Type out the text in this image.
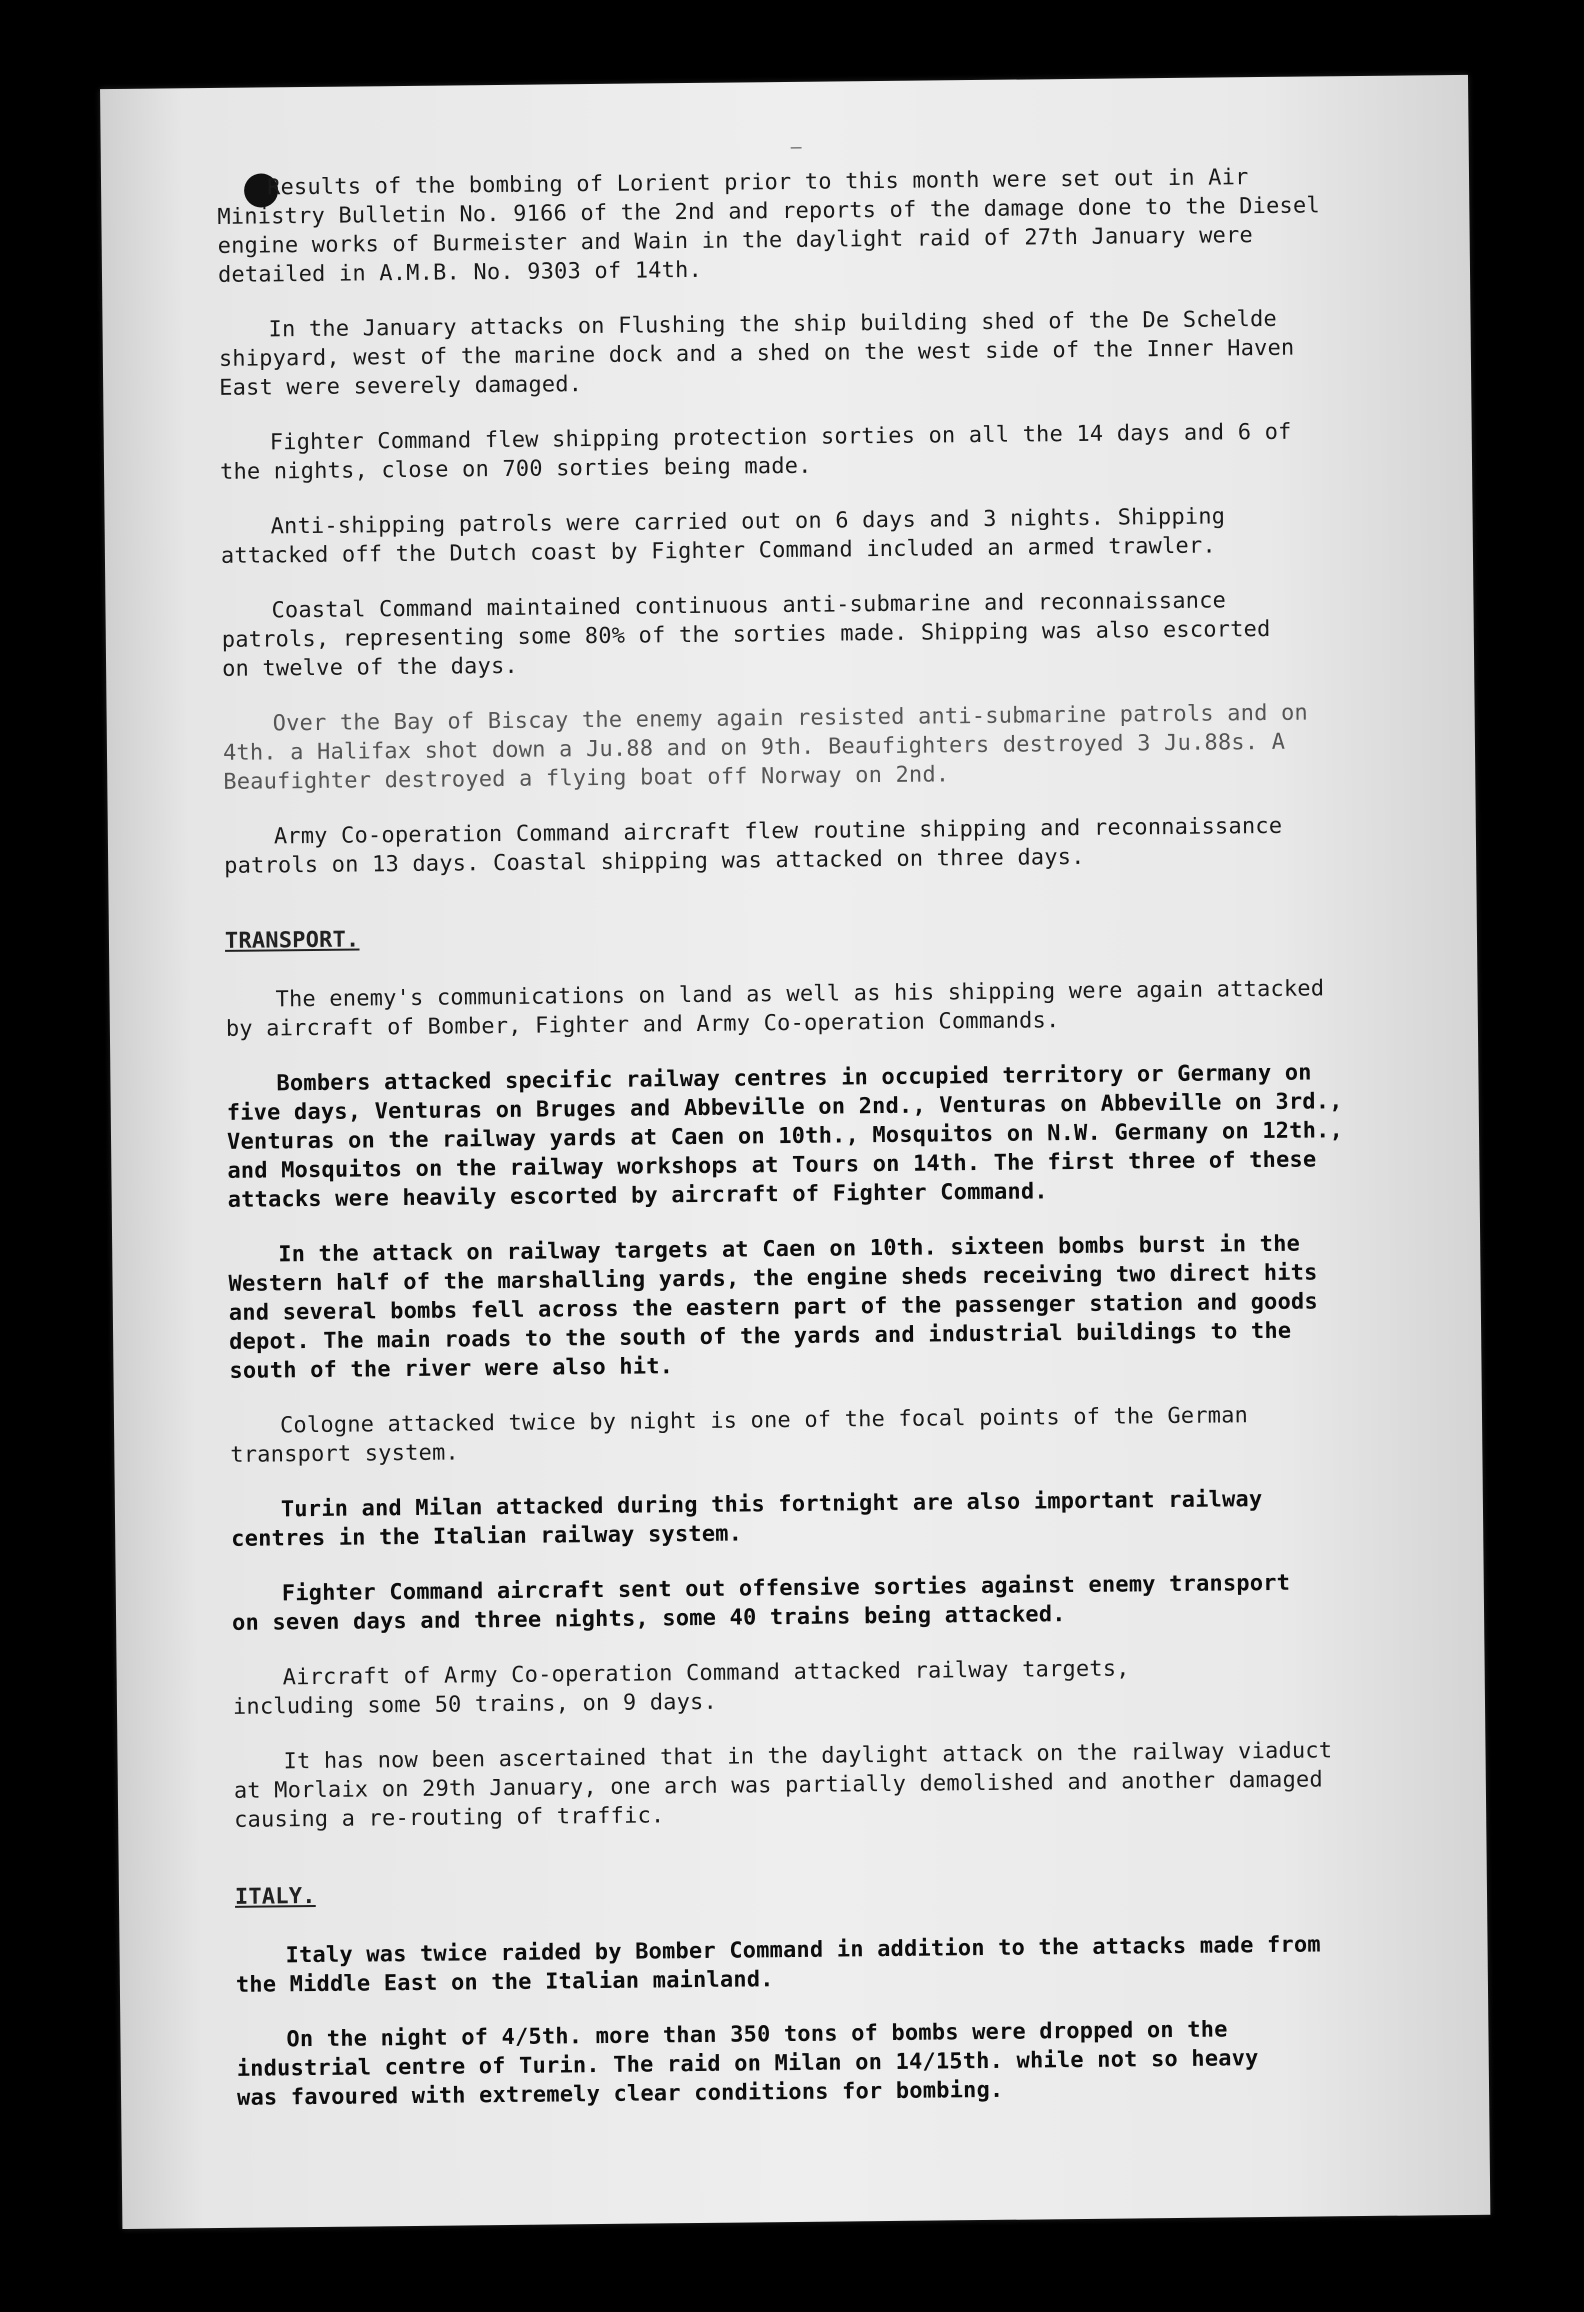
—

Results of the bombing of Lorient prior to this month were set out in Air
Ministry Bulletin No. 9166 of the 2nd and reports of the damage done to the Diesel
engine works of Burmeister and Wain in the daylight raid of 27th January were
detailed in A.M.B. No. 9303 of 14th.

In the January attacks on Flushing the ship building shed of the De Schelde
shipyard, west of the marine dock and a shed on the west side of the Inner Haven
East were severely damaged.

Fighter Command flew shipping protection sorties on all the 14 days and 6 of
the nights, close on 700 sorties being made.

Anti-shipping patrols were carried out on 6 days and 3 nights. Shipping
attacked off the Dutch coast by Fighter Command included an armed trawler.

Coastal Command maintained continuous anti-submarine and reconnaissance
patrols, representing some 80% of the sorties made. Shipping was also escorted
on twelve of the days.

Over the Bay of Biscay the enemy again resisted anti-submarine patrols and on
4th. a Halifax shot down a Ju.88 and on 9th. Beaufighters destroyed 3 Ju.88s. A
Beaufighter destroyed a flying boat off Norway on 2nd.

Army Co-operation Command aircraft flew routine shipping and reconnaissance
patrols on 13 days. Coastal shipping was attacked on three days.

TRANSPORT.

The enemy's communications on land as well as his shipping were again attacked
by aircraft of Bomber, Fighter and Army Co-operation Commands.

Bombers attacked specific railway centres in occupied territory or Germany on
five days, Venturas on Bruges and Abbeville on 2nd., Venturas on Abbeville on 3rd.,
Venturas on the railway yards at Caen on 10th., Mosquitos on N.W. Germany on 12th.,
and Mosquitos on the railway workshops at Tours on 14th. The first three of these
attacks were heavily escorted by aircraft of Fighter Command.

In the attack on railway targets at Caen on 10th. sixteen bombs burst in the
Western half of the marshalling yards, the engine sheds receiving two direct hits
and several bombs fell across the eastern part of the passenger station and goods
depot. The main roads to the south of the yards and industrial buildings to the
south of the river were also hit.

Cologne attacked twice by night is one of the focal points of the German
transport system.

Turin and Milan attacked during this fortnight are also important railway
centres in the Italian railway system.

Fighter Command aircraft sent out offensive sorties against enemy transport
on seven days and three nights, some 40 trains being attacked.

Aircraft of Army Co-operation Command attacked railway targets,
including some 50 trains, on 9 days.

It has now been ascertained that in the daylight attack on the railway viaduct
at Morlaix on 29th January, one arch was partially demolished and another damaged
causing a re-routing of traffic.

ITALY.

Italy was twice raided by Bomber Command in addition to the attacks made from
the Middle East on the Italian mainland.

On the night of 4/5th. more than 350 tons of bombs were dropped on the
industrial centre of Turin. The raid on Milan on 14/15th. while not so heavy
was favoured with extremely clear conditions for bombing.
